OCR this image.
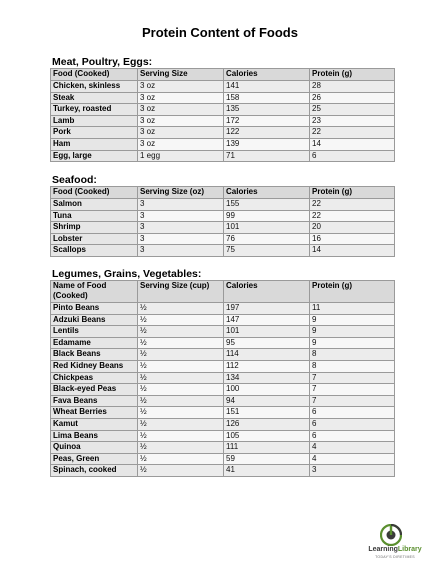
Protein Content of Foods
Meat, Poultry, Eggs:
Food (Cooked)	Serving Size	Calories	Protein (g)
Chicken, skinless	3 oz	141	28
Steak	3 oz	158	26
Turkey, roasted	3 oz	135	25
Lamb	3 oz	172	23
Pork	3 oz	122	22
Ham	3 oz	139	14
Egg, large	1 egg	71	6
Seafood:
Food (Cooked)	Serving Size (oz)	Calories	Protein (g)
Salmon	3	155	22
Tuna	3	99	22
Shrimp	3	101	20
Lobster	3	76	16
Scallops	3	75	14
Legumes, Grains, Vegetables:
Name of Food (Cooked)	Serving Size (cup)	Calories	Protein (g)
Pinto Beans	½	197	11
Adzuki Beans	½	147	9
Lentils	½	101	9
Edamame	½	95	9
Black Beans	½	114	8
Red Kidney Beans	½	112	8
Chickpeas	½	134	7
Black-eyed Peas	½	100	7
Fava Beans	½	94	7
Wheat Berries	½	151	6
Kamut	½	126	6
Lima Beans	½	105	6
Quinoa	½	111	4
Peas, Green	½	59	4
Spinach, cooked	½	41	3
LearningLibrary
TODAY'S DIRETIMES
